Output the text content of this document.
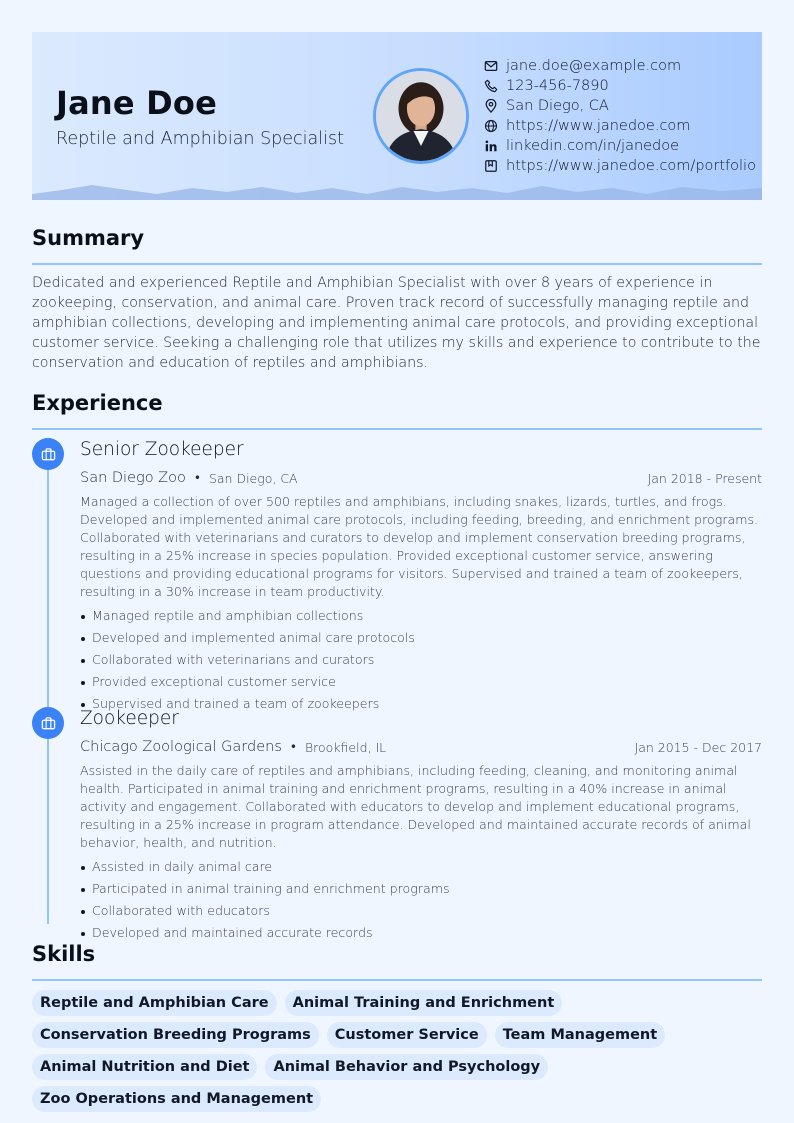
Jane Doe
Reptile and Amphibian Specialist
jane.doe@example.com
123-456-7890
San Diego, CA
https://www.janedoe.com
linkedin.com/in/janedoe
https://www.janedoe.com/portfolio
Summary
Dedicated and experienced Reptile and Amphibian Specialist with over 8 years of experience in zookeeping, conservation, and animal care. Proven track record of successfully managing reptile and amphibian collections, developing and implementing animal care protocols, and providing exceptional customer service. Seeking a challenging role that utilizes my skills and experience to contribute to the conservation and education of reptiles and amphibians.
Experience
Senior Zookeeper
San Diego Zoo • San Diego, CA	Jan 2018 - Present
Managed a collection of over 500 reptiles and amphibians, including snakes, lizards, turtles, and frogs. Developed and implemented animal care protocols, including feeding, breeding, and enrichment programs. Collaborated with veterinarians and curators to develop and implement conservation breeding programs, resulting in a 25% increase in species population. Provided exceptional customer service, answering questions and providing educational programs for visitors. Supervised and trained a team of zookeepers, resulting in a 30% increase in team productivity.
Managed reptile and amphibian collections
Developed and implemented animal care protocols
Collaborated with veterinarians and curators
Provided exceptional customer service
Supervised and trained a team of zookeepers
Zookeeper
Chicago Zoological Gardens • Brookfield, IL	Jan 2015 - Dec 2017
Assisted in the daily care of reptiles and amphibians, including feeding, cleaning, and monitoring animal health. Participated in animal training and enrichment programs, resulting in a 40% increase in animal activity and engagement. Collaborated with educators to develop and implement educational programs, resulting in a 25% increase in program attendance. Developed and maintained accurate records of animal behavior, health, and nutrition.
Assisted in daily animal care
Participated in animal training and enrichment programs
Collaborated with educators
Developed and maintained accurate records
Skills
Reptile and Amphibian Care	Animal Training and Enrichment
Conservation Breeding Programs	Customer Service	Team Management
Animal Nutrition and Diet	Animal Behavior and Psychology
Zoo Operations and Management
